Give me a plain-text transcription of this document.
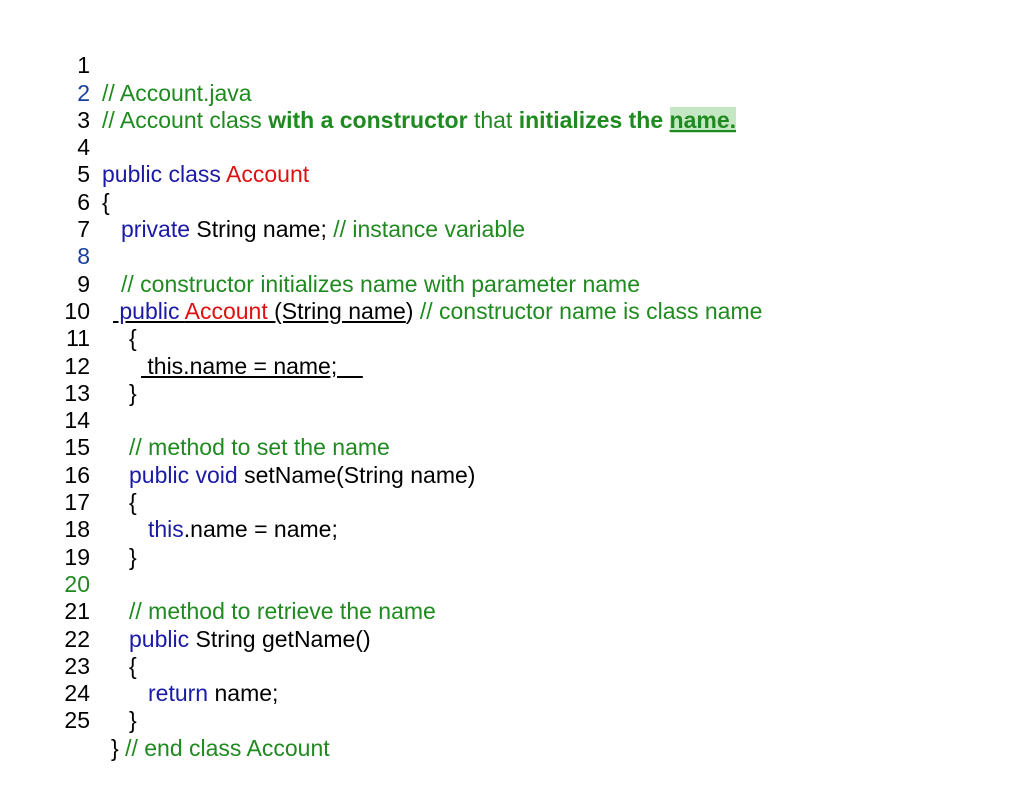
1

// Account.java

2

// Account class with a constructor that initializes the name.

3

4

public class Account

5

{

6

private String name; // instance variable

7

8

// constructor initializes name with parameter name

9

public Account (String name) // constructor name is class name

10

{

11

this.name = name;

12

}

13

14

// method to set the name

15

public void setName(String name)

16

{

17

this.name = name;

18

}

19

20

// method to retrieve the name

21

public String getName()

22

{

23

return name;

24

}

25

} // end class Account
